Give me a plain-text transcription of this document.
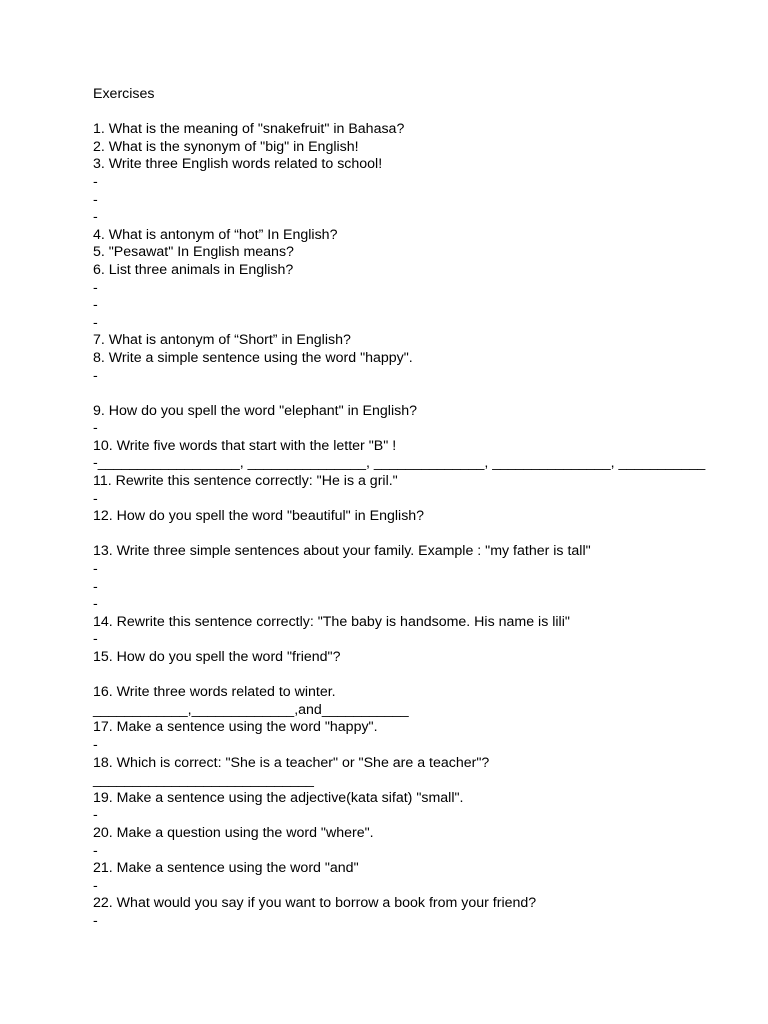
Exercises
1. What is the meaning of "snakefruit" in Bahasa?
2. What is the synonym of "big" in English!
3. Write three English words related to school!
-
-
-
4. What is antonym of “hot” In English?
5. "Pesawat" In English means?
6. List three animals in English?
-
-
-
7. What is antonym of “Short” in English?
8. Write a simple sentence using the word "happy".
-
9. How do you spell the word "elephant" in English?
-
10. Write five words that start with the letter "B" !
-__________________, _______________, ______________, _______________, ___________
11. Rewrite this sentence correctly: "He is a gril."
-
12. How do you spell the word "beautiful" in English?
13. Write three simple sentences about your family. Example : "my father is tall"
-
-
-
14. Rewrite this sentence correctly: "The baby is handsome. His name is lili"
-
15. How do you spell the word "friend"?
16. Write three words related to winter.
____________,_____________,and___________
17. Make a sentence using the word "happy".
-
18. Which is correct: "She is a teacher" or "She are a teacher"?
____________________________
19. Make a sentence using the adjective(kata sifat) "small".
-
20. Make a question using the word "where".
-
21. Make a sentence using the word "and"
-
22. What would you say if you want to borrow a book from your friend?
-
